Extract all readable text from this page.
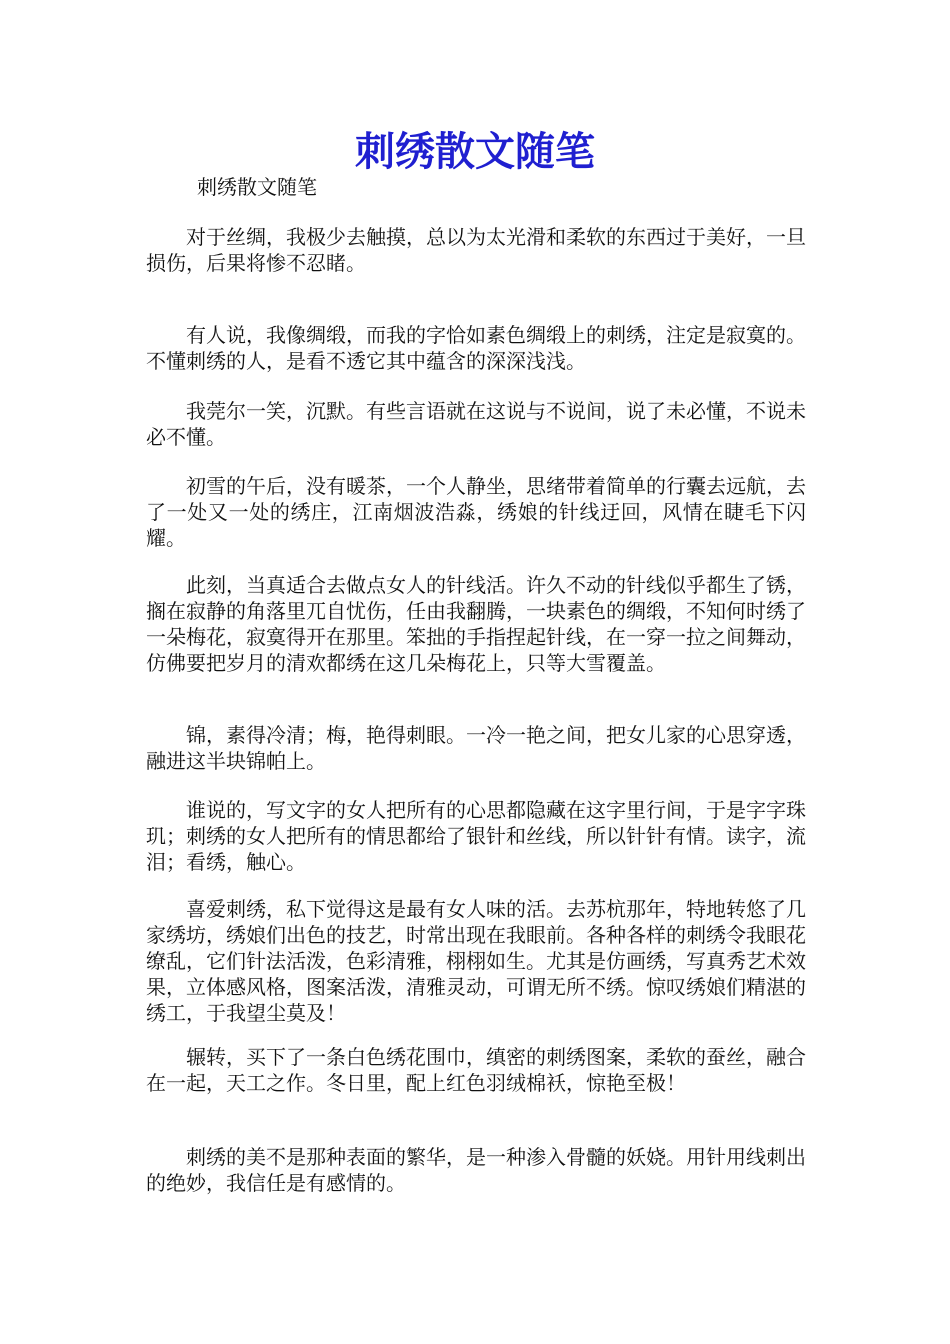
刺绣散文随笔

刺绣散文随笔

对于丝绸，我极少去触摸，总以为太光滑和柔软的东西过于美好，一旦损伤，后果将惨不忍睹。

有人说，我像绸缎，而我的字恰如素色绸缎上的刺绣，注定是寂寞的。不懂刺绣的人，是看不透它其中蕴含的深深浅浅。

我莞尔一笑，沉默。有些言语就在这说与不说间，说了未必懂，不说未必不懂。

初雪的午后，没有暖茶，一个人静坐，思绪带着简单的行囊去远航，去了一处又一处的绣庄，江南烟波浩淼，绣娘的针线迂回，风情在睫毛下闪耀。

此刻，当真适合去做点女人的针线活。许久不动的针线似乎都生了锈，搁在寂静的角落里兀自忧伤，任由我翻腾，一块素色的绸缎，不知何时绣了一朵梅花，寂寞得开在那里。笨拙的手指捏起针线，在一穿一拉之间舞动，仿佛要把岁月的清欢都绣在这几朵梅花上，只等大雪覆盖。

锦，素得冷清；梅，艳得刺眼。一冷一艳之间，把女儿家的心思穿透，融进这半块锦帕上。

谁说的，写文字的女人把所有的心思都隐藏在这字里行间，于是字字珠玑；刺绣的女人把所有的情思都给了银针和丝线，所以针针有情。读字，流泪；看绣，触心。

喜爱刺绣，私下觉得这是最有女人味的活。去苏杭那年，特地转悠了几家绣坊，绣娘们出色的技艺，时常出现在我眼前。各种各样的刺绣令我眼花缭乱，它们针法活泼，色彩清雅，栩栩如生。尤其是仿画绣，写真秀艺术效果，立体感风格，图案活泼，清雅灵动，可谓无所不绣。惊叹绣娘们精湛的绣工，于我望尘莫及！

辗转，买下了一条白色绣花围巾，缜密的刺绣图案，柔软的蚕丝，融合在一起，天工之作。冬日里，配上红色羽绒棉袄，惊艳至极！

刺绣的美不是那种表面的繁华，是一种渗入骨髓的妖娆。用针用线刺出的绝妙，我信任是有感情的。
